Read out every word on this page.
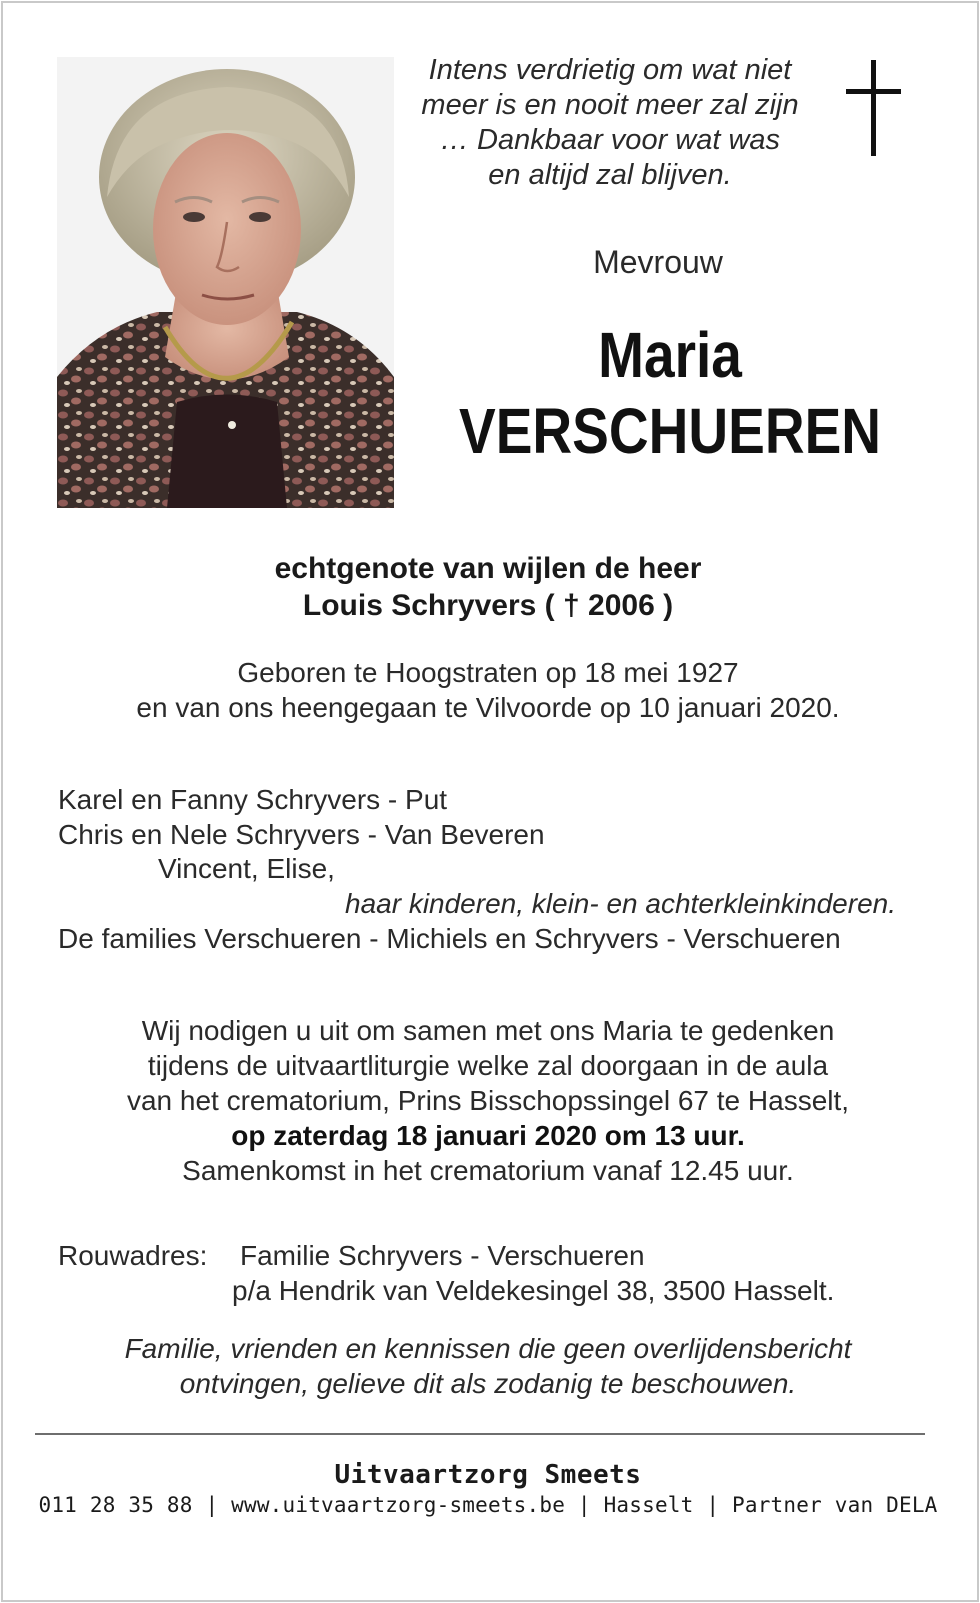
Intens verdrietig om wat niet
meer is en nooit meer zal zijn
… Dankbaar voor wat was
en altijd zal blijven.
Mevrouw
Maria
VERSCHUEREN
echtgenote van wijlen de heer
Louis Schryvers ( † 2006 )
Geboren te Hoogstraten op 18 mei 1927
en van ons heengegaan te Vilvoorde op 10 januari 2020.
Karel en Fanny Schryvers - Put
Chris en Nele Schryvers - Van Beveren
Vincent, Elise,
haar kinderen, klein- en achterkleinkinderen.
De families Verschueren - Michiels en Schryvers - Verschueren
Wij nodigen u uit om samen met ons Maria te gedenken
tijdens de uitvaartliturgie welke zal doorgaan in de aula
van het crematorium, Prins Bisschopssingel 67 te Hasselt,
op zaterdag 18 januari 2020 om 13 uur.
Samenkomst in het crematorium vanaf 12.45 uur.
Rouwadres: Familie Schryvers - Verschueren
p/a Hendrik van Veldekesingel 38, 3500 Hasselt.
Familie, vrienden en kennissen die geen overlijdensbericht
ontvingen, gelieve dit als zodanig te beschouwen.
Uitvaartzorg Smeets
011 28 35 88 | www.uitvaartzorg-smeets.be | Hasselt | Partner van DELA
